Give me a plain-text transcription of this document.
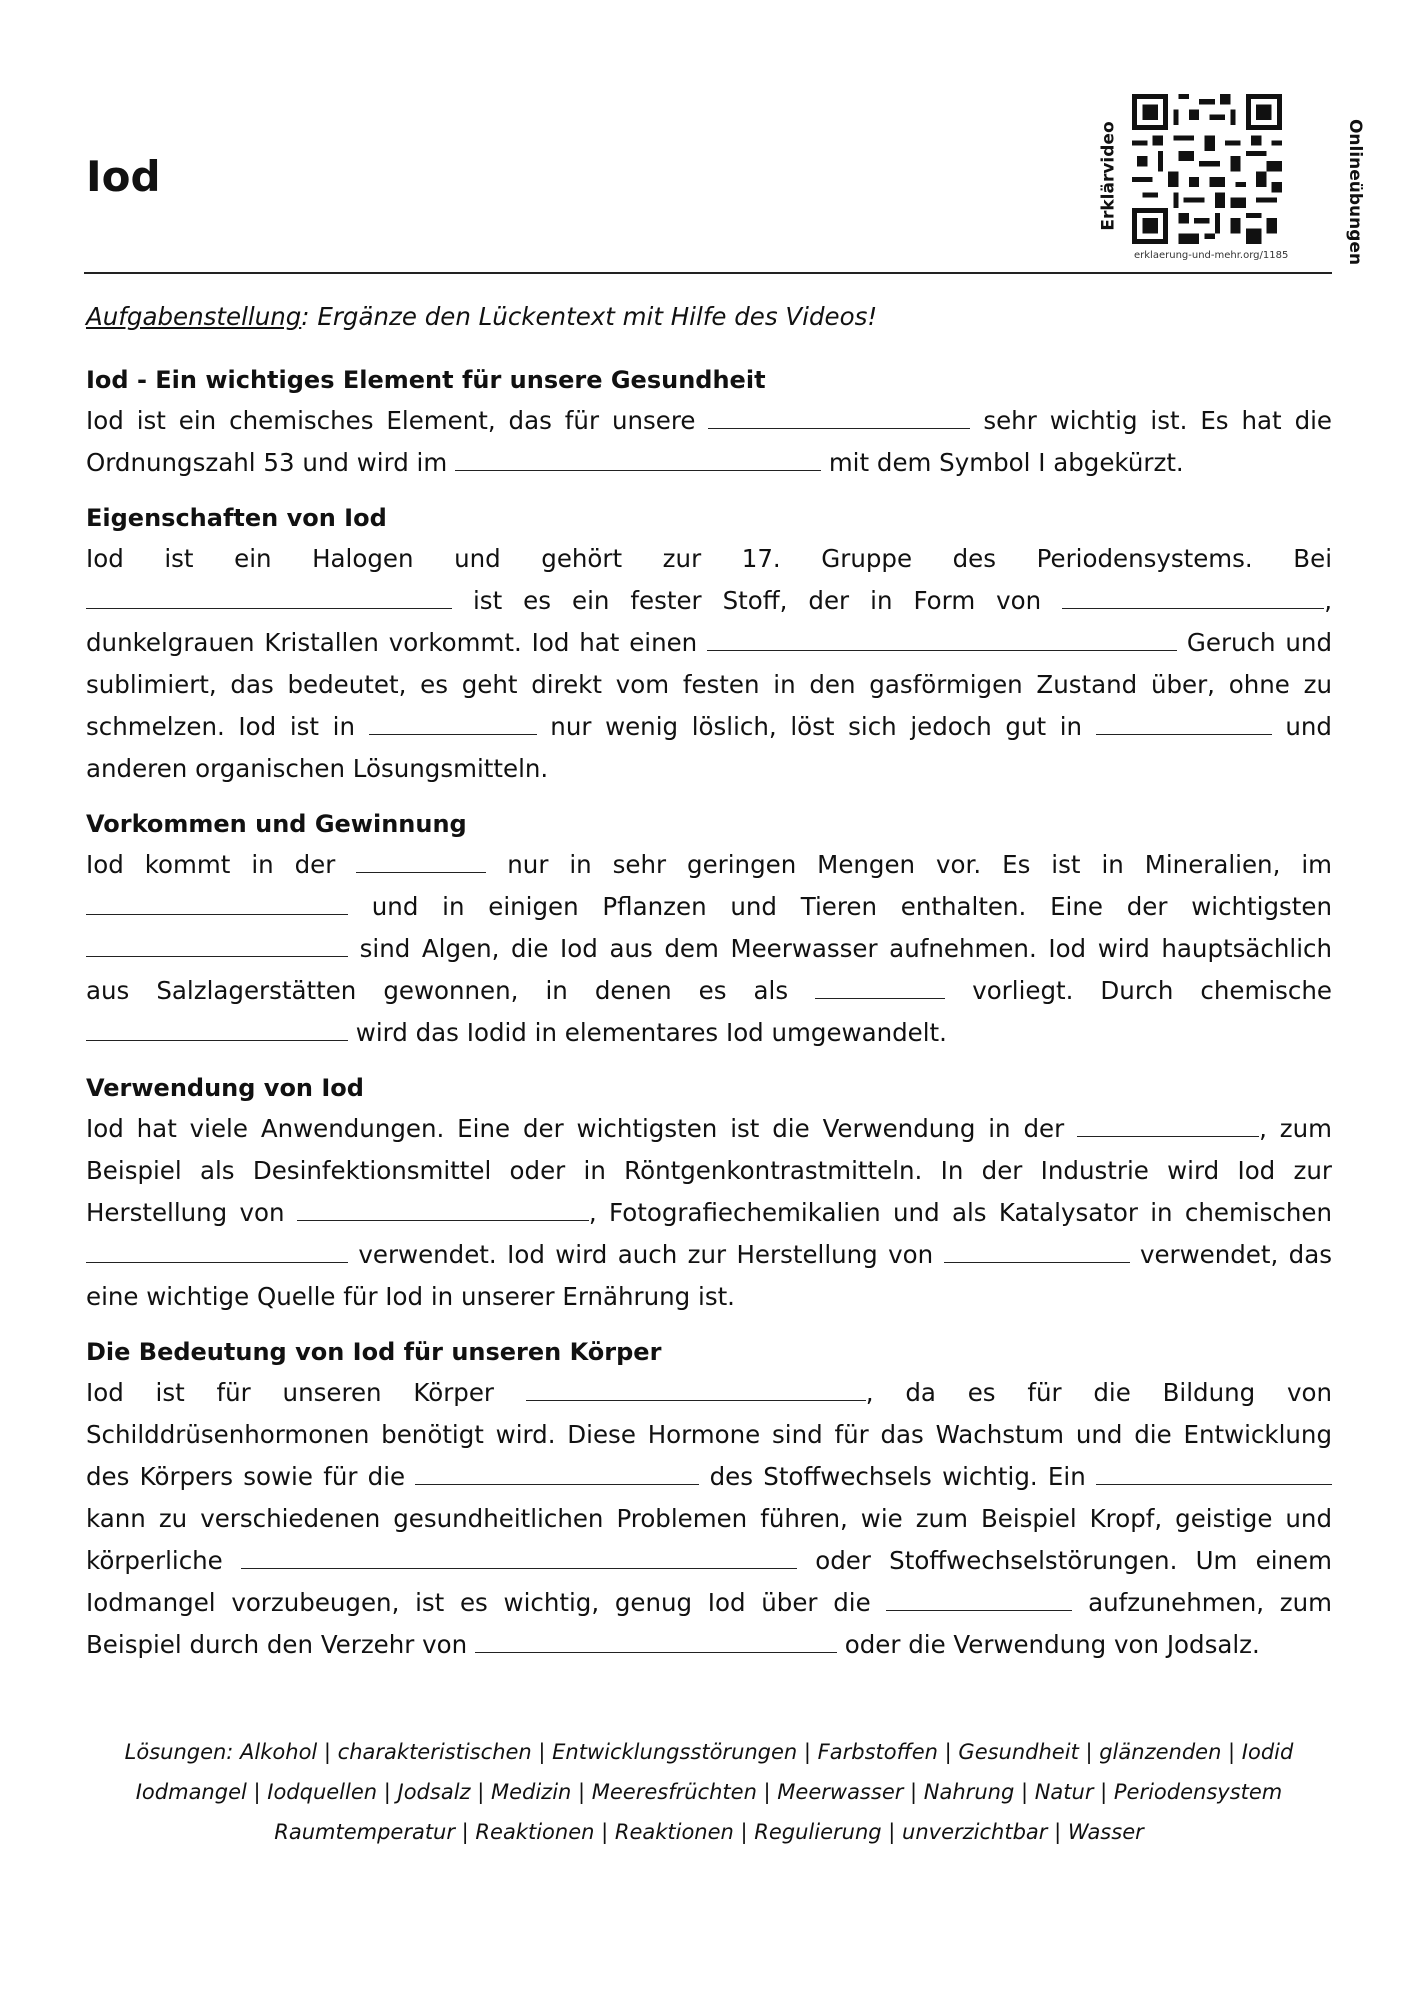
Iod	Erklärvideo	Onlineübungen
erklaerung-und-mehr.org/1185

Aufgabenstellung: Ergänze den Lückentext mit Hilfe des Videos!

Iod - Ein wichtiges Element für unsere Gesundheit

Iod ist ein chemisches Element, das für unsere	sehr wichtig ist. Es hat die Ordnungszahl 53 und wird im	mit dem Symbol I abgekürzt.

Eigenschaften von Iod

Iod ist ein Halogen und gehört zur 17. Gruppe des Periodensystems. Bei  ist es ein fester Stoff, der in Form von	, dunkelgrauen Kristallen vorkommt. Iod hat einen	Geruch und sublimiert, das bedeutet, es geht direkt vom festen in den gasförmigen Zustand über, ohne zu schmelzen. Iod ist in	nur wenig löslich, löst sich jedoch gut in	und anderen organischen Lösungsmitteln.

Vorkommen und Gewinnung

Iod kommt in der	nur in sehr geringen Mengen vor. Es ist in Mineralien, im  und in einigen Pflanzen und Tieren enthalten. Eine der wichtigsten  sind Algen, die Iod aus dem Meerwasser aufnehmen. Iod wird hauptsächlich aus Salzlagerstätten gewonnen, in denen es als	vorliegt. Durch chemische  wird das Iodid in elementares Iod umgewandelt.

Verwendung von Iod

Iod hat viele Anwendungen. Eine der wichtigsten ist die Verwendung in der	, zum Beispiel als Desinfektionsmittel oder in Röntgenkontrastmitteln. In der Industrie wird Iod zur Herstellung von	, Fotografiechemikalien und als Katalysator in chemischen  verwendet. Iod wird auch zur Herstellung von	verwendet, das eine wichtige Quelle für Iod in unserer Ernährung ist.

Die Bedeutung von Iod für unseren Körper

Iod ist für unseren Körper	, da es für die Bildung von Schilddrüsenhormonen benötigt wird. Diese Hormone sind für das Wachstum und die Entwicklung des Körpers sowie für die	des Stoffwechsels wichtig. Ein  kann zu verschiedenen gesundheitlichen Problemen führen, wie zum Beispiel Kropf, geistige und körperliche	oder Stoffwechselstörungen. Um einem Iodmangel vorzubeugen, ist es wichtig, genug Iod über die	aufzunehmen, zum Beispiel durch den Verzehr von	oder die Verwendung von Jodsalz.

Lösungen: Alkohol | charakteristischen | Entwicklungsstörungen | Farbstoffen | Gesundheit | glänzenden | Iodid Iodmangel | Iodquellen | Jodsalz | Medizin | Meeresfrüchten | Meerwasser | Nahrung | Natur | Periodensystem Raumtemperatur | Reaktionen | Reaktionen | Regulierung | unverzichtbar | Wasser
